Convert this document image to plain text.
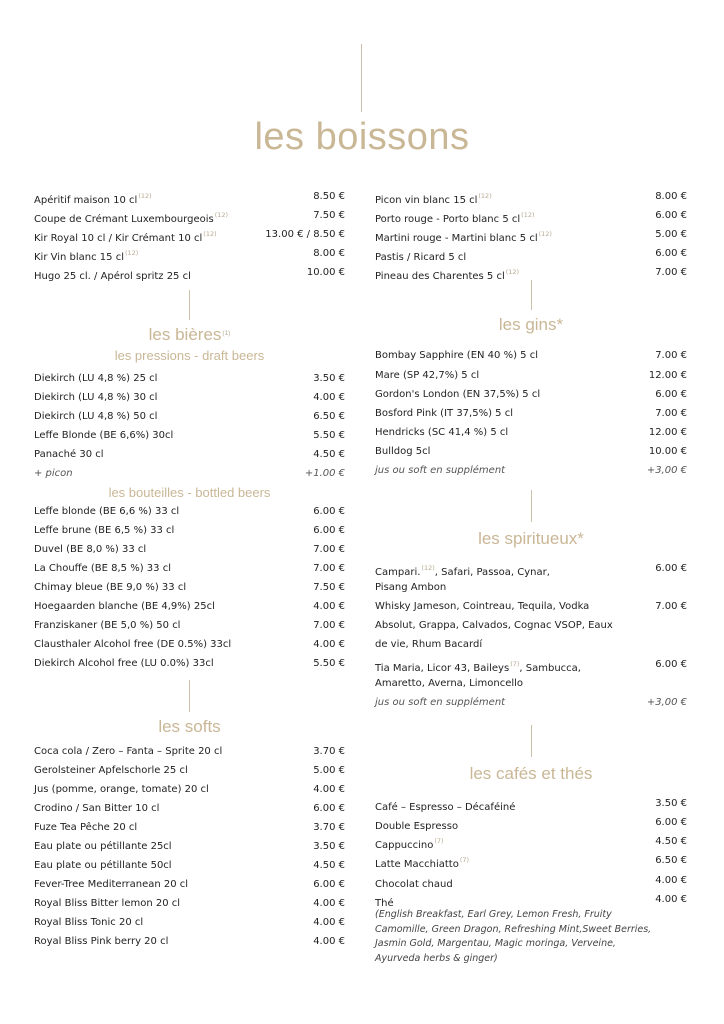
les boissons
Apéritif maison 10 $cl^{(12)}$	8.50 €
Coupe de Crémant Luxembourgeois$^{(12)}$	7.50 €
Kir Royal 10 cl / Kir Crémant 10 $cl^{(12)}$	13.00 € / 8.50 €
Kir Vin blanc 15 $cl^{(12)}$	8.00 €
Hugo 25 cl. / Apérol spritz 25 cl	10.00 €
Picon vin blanc 15 $cl^{(12)}$	8.00 €
Porto rouge - Porto blanc 5 $cl^{(12)}$	6.00 €
Martini rouge - Martini blanc 5 $cl^{(12)}$	5.00 €
Pastis / Ricard 5 cl	6.00 €
Pineau des Charentes 5 $cl^{(12)}$	7.00 €
les bières$^{(1)}$
les pressions - draft beers
Diekirch (LU 4,8 %) 25 cl	3.50 €
Diekirch (LU 4,8 %) 30 cl	4.00 €
Diekirch (LU 4,8 %) 50 cl	6.50 €
Leffe Blonde (BE 6,6%) 30cl	5.50 €
Panaché 30 cl	4.50 €
+ picon	+1.00 €
les bouteilles - bottled beers
Leffe blonde (BE 6,6 %) 33 cl	6.00 €
Leffe brune (BE 6,5 %) 33 cl	6.00 €
Duvel (BE 8,0 %) 33 cl	7.00 €
La Chouffe (BE 8,5 %) 33 cl	7.00 €
Chimay bleue (BE 9,0 %) 33 cl	7.50 €
Hoegaarden blanche (BE 4,9%) 25cl	4.00 €
Franziskaner (BE 5,0 %) 50 cl	7.00 €
Clausthaler Alcohol free (DE 0.5%) 33cl	4.00 €
Diekirch Alcohol free (LU 0.0%) 33cl	5.50 €
les softs
Coca cola / Zero – Fanta – Sprite 20 cl	3.70 €
Gerolsteiner Apfelschorle 25 cl	5.00 €
Jus (pomme, orange, tomate) 20 cl	4.00 €
Crodino / San Bitter 10 cl	6.00 €
Fuze Tea Pêche 20 cl	3.70 €
Eau plate ou pétillante 25cl	3.50 €
Eau plate ou pétillante 50cl	4.50 €
Fever-Tree Mediterranean 20 cl	6.00 €
Royal Bliss Bitter lemon 20 cl	4.00 €
Royal Bliss Tonic 20 cl	4.00 €
Royal Bliss Pink berry 20 cl	4.00 €
les gins*
Bombay Sapphire (EN 40 %) 5 cl	7.00 €
Mare (SP 42,7%) 5 cl	12.00 €
Gordon's London (EN 37,5%) 5 cl	6.00 €
Bosford Pink (IT 37,5%) 5 cl	7.00 €
Hendricks (SC 41,4 %) 5 cl	12.00 €
Bulldog 5cl	10.00 €
jus ou soft en supplément	+3,00 €
les spiritueux*
Campari.$^{(12)}$, Safari, Passoa, Cynar,	6.00 €
Pisang Ambon
Whisky Jameson, Cointreau, Tequila, Vodka	7.00 €
Absolut, Grappa, Calvados, Cognac VSOP, Eaux
de vie, Rhum Bacardí
Tia Maria, Licor 43, Baileys$^{(7)}$, Sambucca,	6.00 €
Amaretto, Averna, Limoncello
jus ou soft en supplément	+3,00 €
les cafés et thés
Café – Espresso – Décaféiné	3.50 €
Double Espresso	6.00 €
Cappuccino$^{(7)}$	4.50 €
Latte Macchiatto$^{(7)}$	6.50 €
Chocolat chaud	4.00 €
Thé	4.00 €
(English Breakfast, Earl Grey, Lemon Fresh, Fruity
Camomille, Green Dragon, Refreshing Mint,Sweet Berries,
Jasmin Gold, Margentau, Magic moringa, Verveine,
Ayurveda herbs & ginger)
